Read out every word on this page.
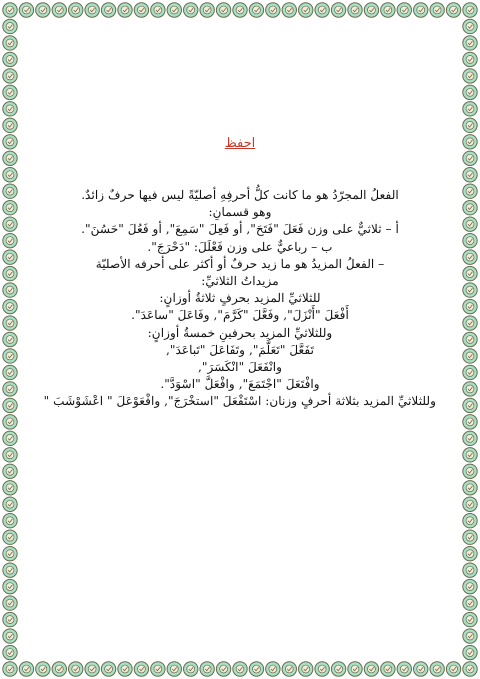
احفظ
الفعلُ المجرّدُ هو ما كانت كلُّ أحرفِهِ أصليّةً ليس فيها حرفٌ زائدٌ.
وهو قسمانِ:
أ – ثلاثيٌّ على وزن فَعَلَ "فَتَحَ", أو فَعِلَ "سَمِعَ", أو فَعُلَ "حَسُنَ".
ب – رباعيٌّ على وزن فَعْلَلَ: "دَحْرَجَ".
– الفعلُ المزيدُ هو ما زيد حرفٌ أو أكثر على أحرفه الأصليّة
مزيداتُ الثلاثيِّ:
للثلاثيِّ المزيد بحرفٍ ثلاثةُ أوزانٍ:
أَفْعَلَ "أَنْزَلَ", وفَعَّلَ "كَرَّمَ", وفَاعَلَ "ساعَدَ".
وللثلاثيِّ المزيد بحرفينِ خمسةُ أوزانٍ:
تَفَعَّلَ "تَعَلَّمَ", وتَفَاعَلَ "تَباعَدَ",
وانْفَعَلَ "انْكَسَرَ",
وافْتَعَلَ "اجْتَمَعَ", وافْعَلَّ "اسْوَدَّ".
وللثلاثيِّ المزيد بثلاثة أحرفٍ وزنان: اسْتَفْعَلَ "استخْرَجَ", وافْعَوْعَلَ " اعْشَوْشَبَ "
